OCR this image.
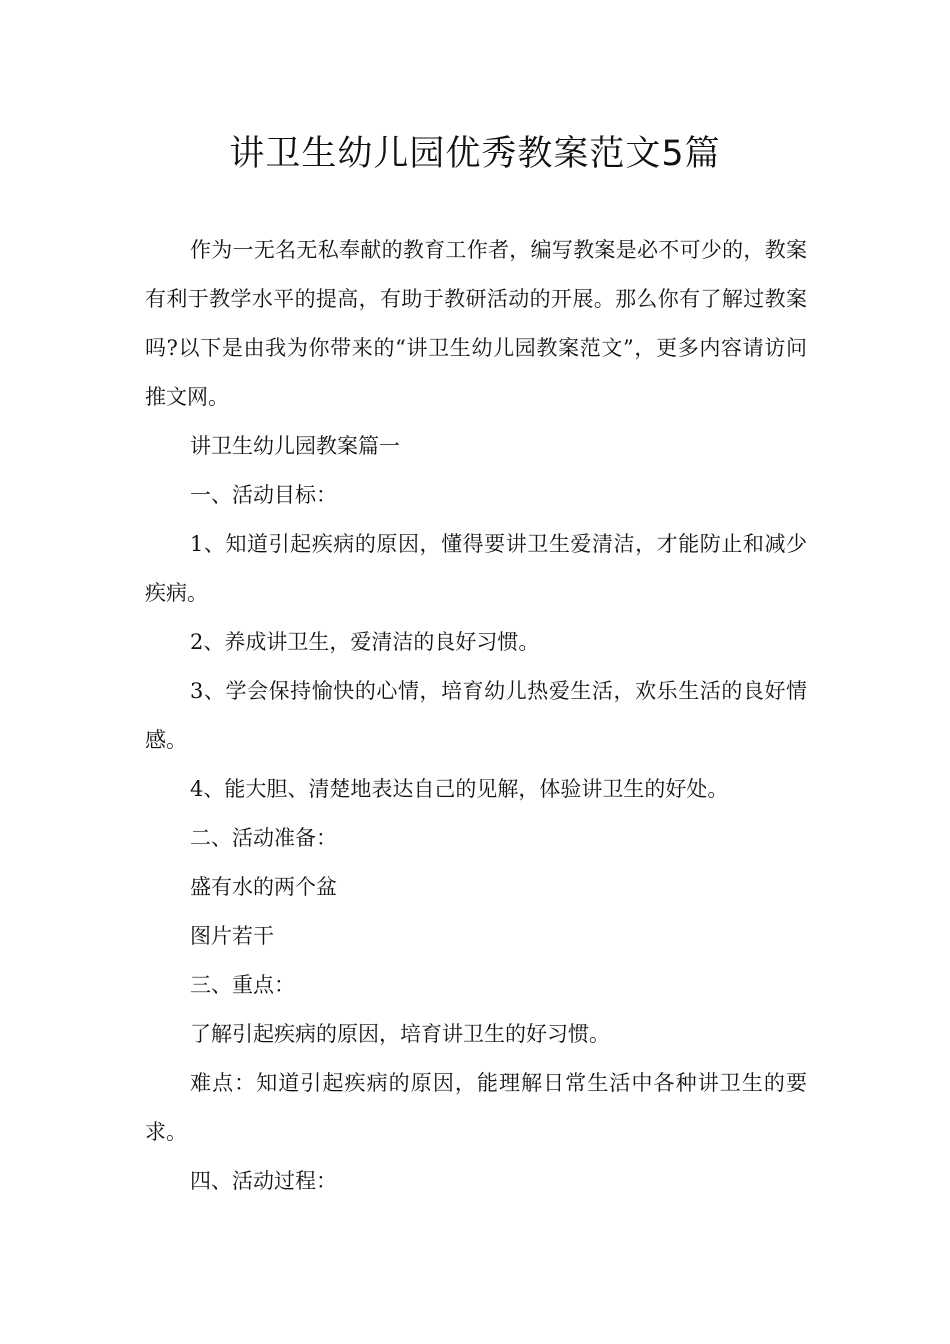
讲卫生幼儿园优秀教案范文5篇

作为一无名无私奉献的教育工作者，编写教案是必不可少的，教案有利于教学水平的提高，有助于教研活动的开展。那么你有了解过教案吗?以下是由我为你带来的“讲卫生幼儿园教案范文”，更多内容请访问推文网。

讲卫生幼儿园教案篇一

一、活动目标：

1、知道引起疾病的原因，懂得要讲卫生爱清洁，才能防止和减少疾病。

2、养成讲卫生，爱清洁的良好习惯。

3、学会保持愉快的心情，培育幼儿热爱生活，欢乐生活的良好情感。

4、能大胆、清楚地表达自己的见解，体验讲卫生的好处。

二、活动准备：

盛有水的两个盆

图片若干

三、重点：

了解引起疾病的原因，培育讲卫生的好习惯。

难点：知道引起疾病的原因，能理解日常生活中各种讲卫生的要求。

四、活动过程：
